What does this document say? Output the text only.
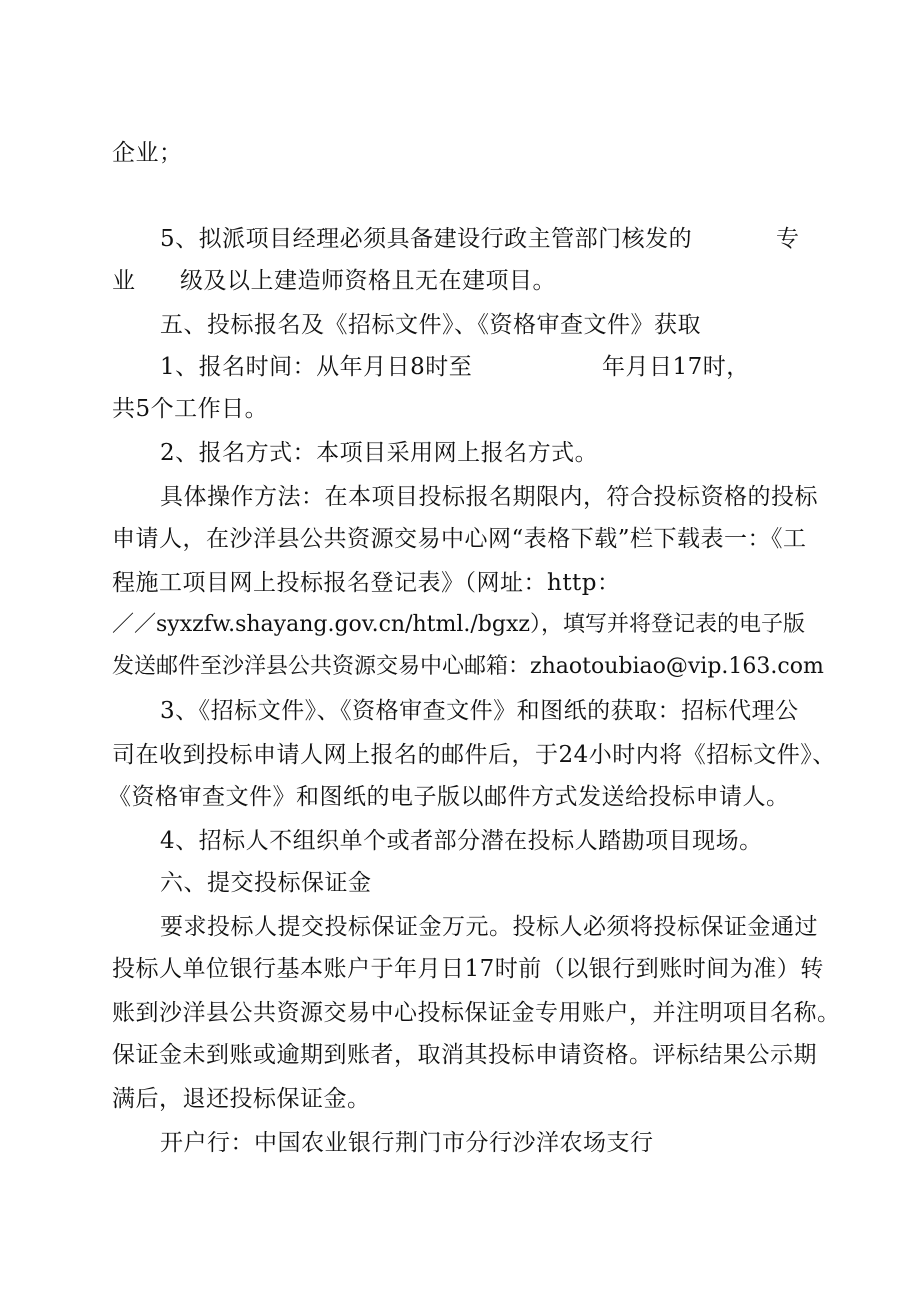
企业；
5、拟派项目经理必须具备建设行政主管部门核发的	专
业 级及以上建造师资格且无在建项目。
五、投标报名及《招标文件》、《资格审查文件》获取
1、报名时间：从年月日8时至	年月日17时，
共5个工作日。
2、报名方式：本项目采用网上报名方式。
具体操作方法：在本项目投标报名期限内，符合投标资格的投标
申请人，在沙洋县公共资源交易中心网“表格下载”栏下载表一：《工
程施工项目网上投标报名登记表》（网址：http：
／／syxzfw.shayang.gov.cn/html./bgxz），填写并将登记表的电子版
发送邮件至沙洋县公共资源交易中心邮箱：zhaotoubiao@vip.163.com
3、《招标文件》、《资格审查文件》和图纸的获取：招标代理公
司在收到投标申请人网上报名的邮件后，于24小时内将《招标文件》、
《资格审查文件》和图纸的电子版以邮件方式发送给投标申请人。
4、招标人不组织单个或者部分潜在投标人踏勘项目现场。
六、提交投标保证金
要求投标人提交投标保证金万元。投标人必须将投标保证金通过
投标人单位银行基本账户于年月日17时前（以银行到账时间为准）转
账到沙洋县公共资源交易中心投标保证金专用账户，并注明项目名称。
保证金未到账或逾期到账者，取消其投标申请资格。评标结果公示期
满后，退还投标保证金。
开户行：中国农业银行荆门市分行沙洋农场支行
